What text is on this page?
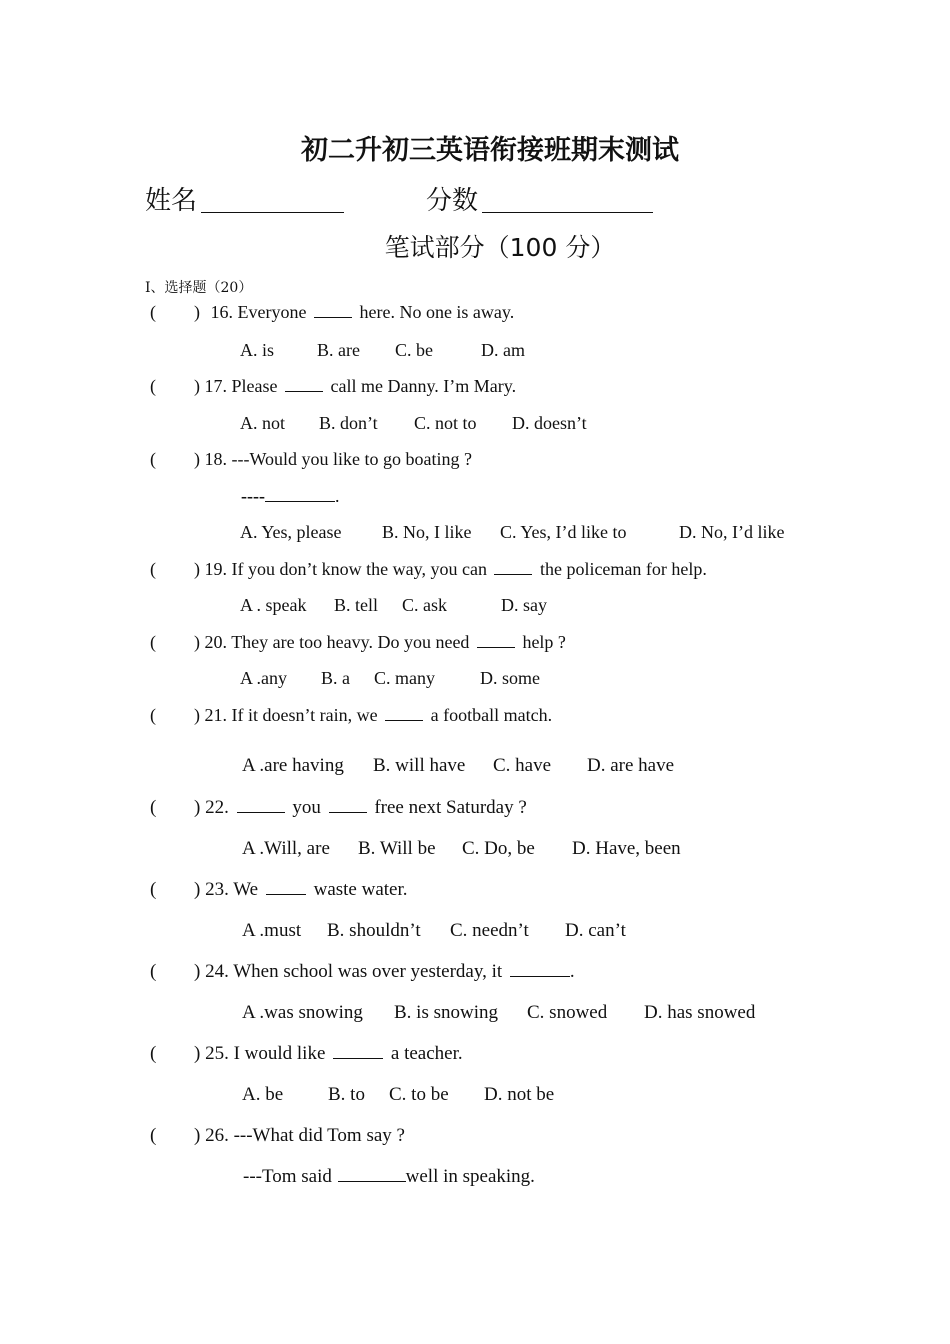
初二升初三英语衔接班期末测试
姓名	分数
笔试部分（100 分）
I、选择题（20）
( ) 16. Everyone	here. No one is away.
A. is B. are C. be	D. am
( ) 17. Please	call me Danny. I’m Mary.
A. not B. don’t C. not to D. doesn’t
( ) 18. ---Would you like to go boating ?
----	.
A. Yes, please B. No, I like C. Yes, I’d like to	D. No, I’d like
( ) 19. If you don’t know the way, you can	the policeman for help.
A . speak B. tell C. ask	D. say
( ) 20. They are too heavy. Do you need	help ?
A .any B. a C. many	D. some
( ) 21. If it doesn’t rain, we	a football match.
A .are having B. will have C. have D. are have
( ) 22.	you	free next Saturday ?
A .Will, are B. Will be C. Do, be D. Have, been
( ) 23. We	waste water.
A .must B. shouldn’t C. needn’t D. can’t
( ) 24. When school was over yesterday, it	.
A .was snowing B. is snowing C. snowed D. has snowed
( ) 25. I would like	a teacher.
A. be B. to C. to be D. not be
( ) 26. ---What did Tom say ?
---Tom said	well in speaking.
